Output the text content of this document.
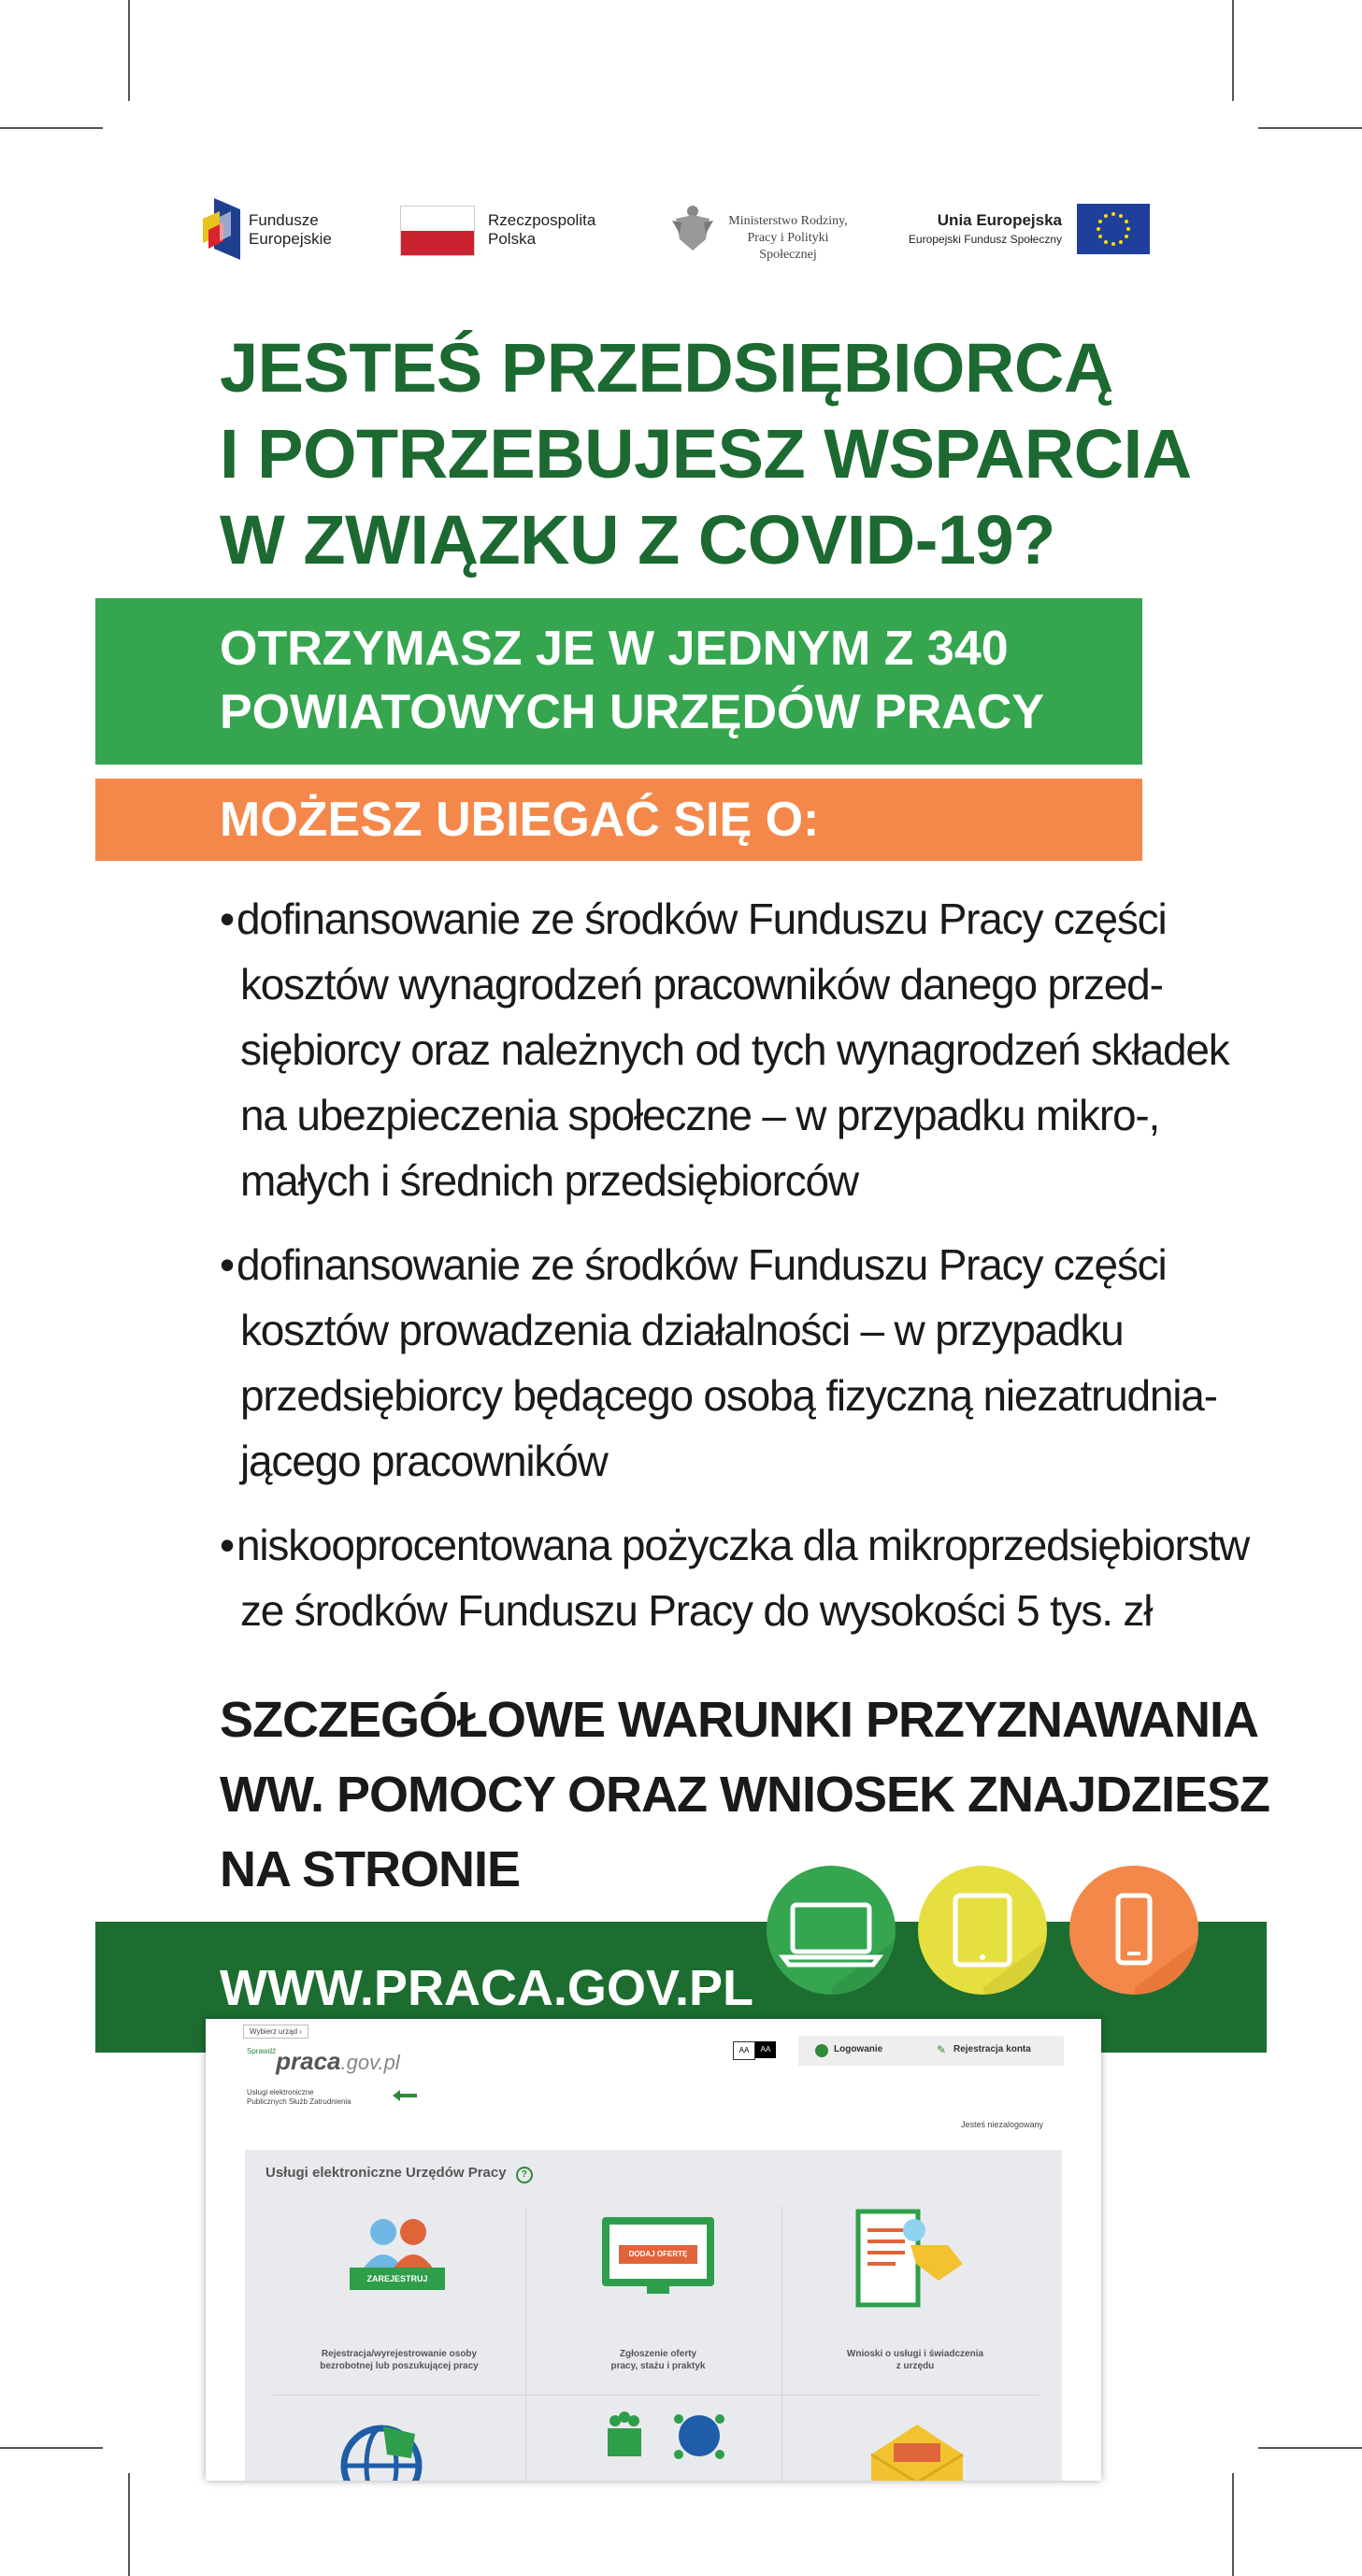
Fundusze
Europejskie
Rzeczpospolita
Polska
Ministerstwo Rodziny,
Pracy i Polityki Społecznej
Unia Europejska
Europejski Fundusz Społeczny
JESTEŚ PRZEDSIĘBIORCĄ
I POTRZEBUJESZ WSPARCIA
W ZWIĄZKU Z COVID-19?
OTRZYMASZ JE W JEDNYM Z 340
POWIATOWYCH URZĘDÓW PRACY
MOŻESZ UBIEGAĆ SIĘ O:
•dofinansowanie ze środków Funduszu Pracy części
kosztów wynagrodzeń pracowników danego przed-
siębiorcy oraz należnych od tych wynagrodzeń składek
na ubezpieczenia społeczne – w przypadku mikro-,
małych i średnich przedsiębiorców
•dofinansowanie ze środków Funduszu Pracy części
kosztów prowadzenia działalności – w przypadku
przedsiębiorcy będącego osobą fizyczną niezatrudnia-
jącego pracowników
•niskooprocentowana pożyczka dla mikroprzedsiębiorstw
ze środków Funduszu Pracy do wysokości 5 tys. zł
SZCZEGÓŁOWE WARUNKI PRZYZNAWANIA
WW. POMOCY ORAZ WNIOSEK ZNAJDZIESZ
NA STRONIE
WWW.PRACA.GOV.PL
Wybierz urząd ›
$^{Sprawdź}$praca.gov.pl
Usługi elektroniczne
Publicznych Służb Zatrudnienia
AA	AA	Logowanie	✎ Rejestracja konta
Jesteś niezalogowany
Usługi elektroniczne Urzędów Pracy ?
ZAREJESTRUJ
Rejestracja/wyrejestrowanie osoby
bezrobotnej lub poszukującej pracy
DODAJ OFERTĘ
Zgłoszenie oferty
pracy, stażu i praktyk
Wnioski o usługi i świadczenia
z urzędu
